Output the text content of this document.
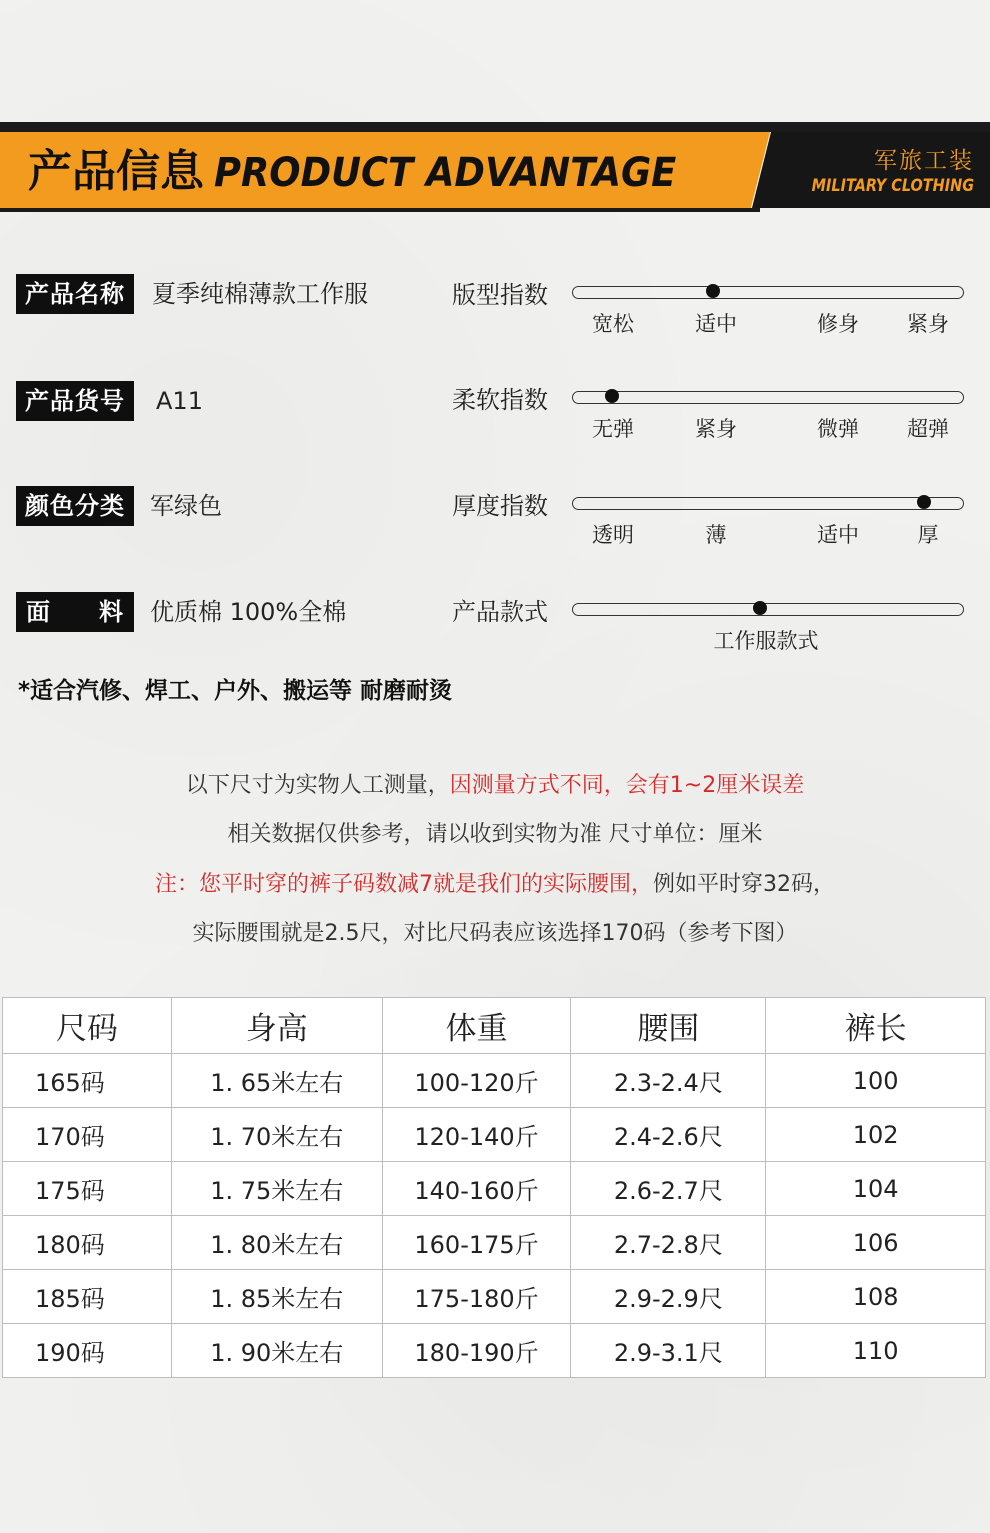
产品信息 PRODUCT ADVANTAGE	军旅工装
MILITARY CLOTHING
产品名称	夏季纯棉薄款工作服
产品货号	A11
颜色分类	军绿色
面 料 优质棉 100%全棉
版型指数
宽松	适中	修身 紧身
柔软指数
无弹	紧身	微弹 超弹
厚度指数
透明	薄	适中	厚
产品款式
工作服款式
*适合汽修、焊工、户外、搬运等 耐磨耐烫
以下尺寸为实物人工测量，因测量方式不同，会有1~2厘米误差
相关数据仅供参考，请以收到实物为准 尺寸单位：厘米
注：您平时穿的裤子码数减7就是我们的实际腰围，例如平时穿32码，
实际腰围就是2.5尺，对比尺码表应该选择170码（参考下图）
尺码	身高	体重	腰围	裤长
165码	1. 65米左右	100-120斤	2.3-2.4尺	100
170码	1. 70米左右	120-140斤	2.4-2.6尺	102
175码	1. 75米左右	140-160斤	2.6-2.7尺	104
180码	1. 80米左右	160-175斤	2.7-2.8尺	106
185码	1. 85米左右	175-180斤	2.9-2.9尺	108
190码	1. 90米左右	180-190斤	2.9-3.1尺	110
